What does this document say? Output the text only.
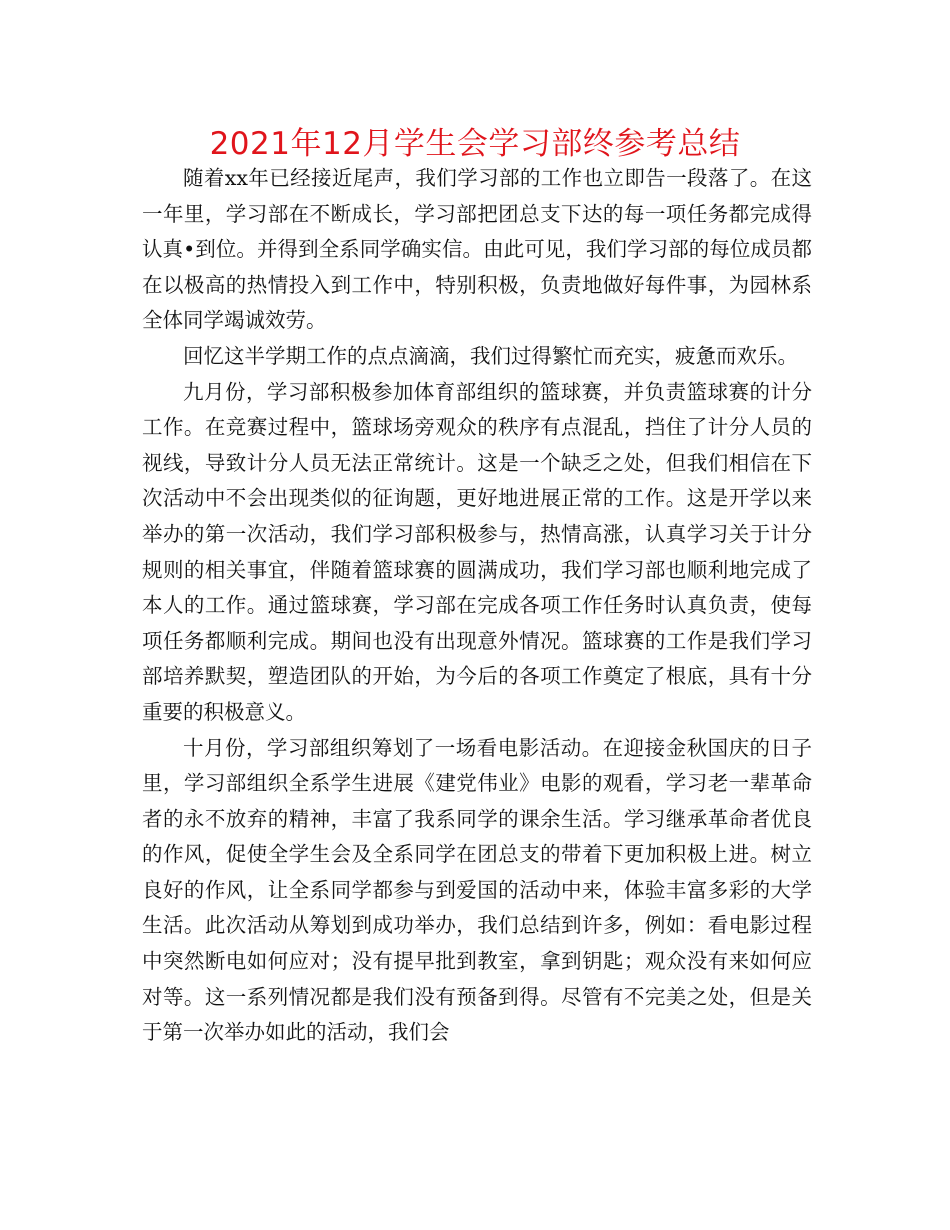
2021年12月学生会学习部终参考总结

随着xx年已经接近尾声，我们学习部的工作也立即告一段落了。在这一年里，学习部在不断成长，学习部把团总支下达的每一项任务都完成得认真•到位。并得到全系同学确实信。由此可见，我们学习部的每位成员都在以极高的热情投入到工作中，特别积极，负责地做好每件事，为园林系全体同学竭诚效劳。

回忆这半学期工作的点点滴滴，我们过得繁忙而充实，疲惫而欢乐。

九月份，学习部积极参加体育部组织的篮球赛，并负责篮球赛的计分工作。在竞赛过程中，篮球场旁观众的秩序有点混乱，挡住了计分人员的视线，导致计分人员无法正常统计。这是一个缺乏之处，但我们相信在下次活动中不会出现类似的征询题，更好地进展正常的工作。这是开学以来举办的第一次活动，我们学习部积极参与，热情高涨，认真学习关于计分规则的相关事宜，伴随着篮球赛的圆满成功，我们学习部也顺利地完成了本人的工作。通过篮球赛，学习部在完成各项工作任务时认真负责，使每项任务都顺利完成。期间也没有出现意外情况。篮球赛的工作是我们学习部培养默契，塑造团队的开始，为今后的各项工作奠定了根底，具有十分重要的积极意义。

十月份，学习部组织筹划了一场看电影活动。在迎接金秋国庆的日子里，学习部组织全系学生进展《建党伟业》电影的观看，学习老一辈革命者的永不放弃的精神，丰富了我系同学的课余生活。学习继承革命者优良的作风，促使全学生会及全系同学在团总支的带着下更加积极上进。树立良好的作风，让全系同学都参与到爱国的活动中来，体验丰富多彩的大学生活。此次活动从筹划到成功举办，我们总结到许多，例如：看电影过程中突然断电如何应对；没有提早批到教室，拿到钥匙；观众没有来如何应对等。这一系列情况都是我们没有预备到得。尽管有不完美之处，但是关于第一次举办如此的活动，我们会
